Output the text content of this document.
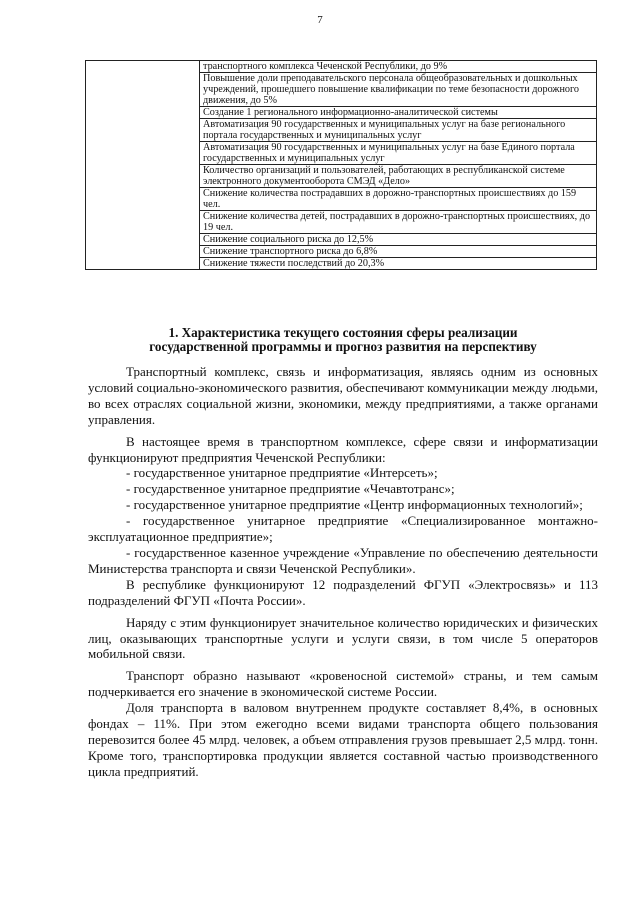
7
	транспортного комплекса Чеченской Республики, до 9%
Повышение доли преподавательского персонала общеобразовательных и дошкольных учреждений, прошедшего повышение квалификации по теме безопасности дорожного движения, до 5%
Создание 1 регионального информационно-аналитической системы
Автоматизация 90 государственных и муниципальных услуг на базе регионального портала государственных и муниципальных услуг
Автоматизация 90 государственных и муниципальных услуг на базе Единого портала государственных и муниципальных услуг
Количество организаций и пользователей, работающих в республиканской системе электронного документооборота СМЭД «Дело»
Снижение количества пострадавших в дорожно-транспортных происшествиях до 159 чел.
Снижение количества детей, пострадавших в дорожно-транспортных происшествиях, до 19 чел.
Снижение социального риска до 12,5%
Снижение транспортного риска до 6,8%
Снижение тяжести последствий до 20,3%
1. Характеристика текущего состояния сферы реализации
государственной программы и прогноз развития на перспективу

Транспортный комплекс, связь и информатизация, являясь одним из основных условий социально-экономического развития, обеспечивают коммуникации между людьми, во всех отраслях социальной жизни, экономики, между предприятиями, а также органами управления.

В настоящее время в транспортном комплексе, сфере связи и информатизации функционируют предприятия Чеченской Республики:

- государственное унитарное предприятие «Интерсеть»;

- государственное унитарное предприятие «Чечавтотранс»;

- государственное унитарное предприятие «Центр информационных технологий»;

- государственное унитарное предприятие «Специализированное монтажно-эксплуатационное предприятие»;

- государственное казенное учреждение «Управление по обеспечению деятельности Министерства транспорта и связи Чеченской Республики».

В республике функционируют 12 подразделений ФГУП «Электросвязь» и 113 подразделений ФГУП «Почта России».

Наряду с этим функционирует значительное количество юридических и физических лиц, оказывающих транспортные услуги и услуги связи, в том числе 5 операторов мобильной связи.

Транспорт образно называют «кровеносной системой» страны, и тем самым подчеркивается его значение в экономической системе России.

Доля транспорта в валовом внутреннем продукте составляет 8,4%, в основных фондах – 11%. При этом ежегодно всеми видами транспорта общего пользования перевозится более 45 млрд. человек, а объем отправления грузов превышает 2,5 млрд. тонн. Кроме того, транспортировка продукции является составной частью производственного цикла предприятий.
